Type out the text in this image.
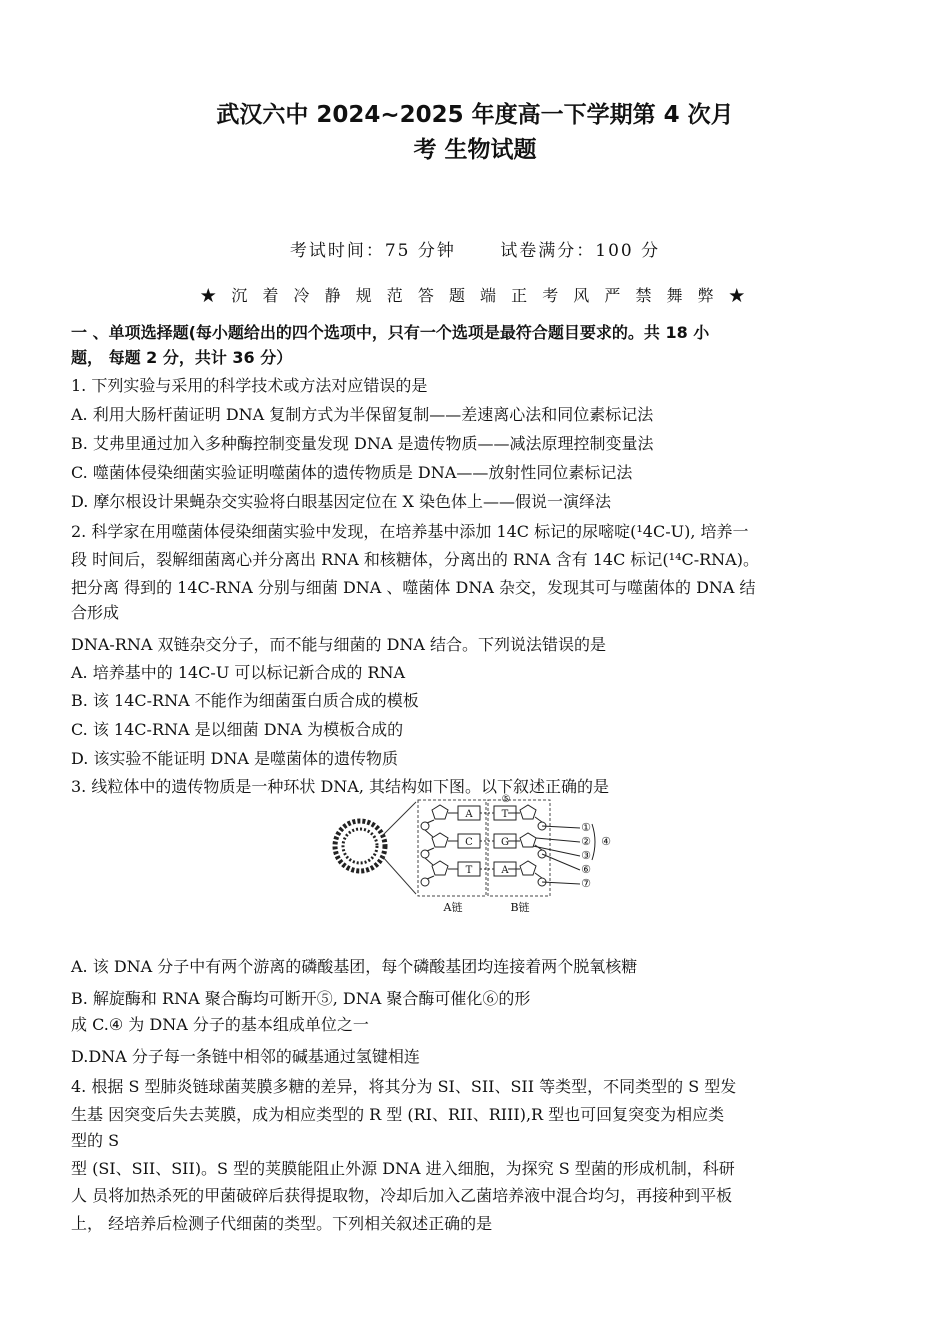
武汉六中 2024~2025 年度高一下学期第 4 次月
考 生物试题
考试时间：75 分钟      试卷满分：100 分
★ 沉 着 冷 静 规 范 答 题 端 正 考 风 严 禁 舞 弊 ★
一 、单项选择题(每小题给出的四个选项中，只有一个选项是最符合题目要求的。共 18 小
题， 每题 2 分，共计 36 分）
1. 下列实验与采用的科学技术或方法对应错误的是
A. 利用大肠杆菌证明 DNA 复制方式为半保留复制——差速离心法和同位素标记法
B. 艾弗里通过加入多种酶控制变量发现 DNA 是遗传物质——减法原理控制变量法
C. 噬菌体侵染细菌实验证明噬菌体的遗传物质是 DNA——放射性同位素标记法
D. 摩尔根设计果蝇杂交实验将白眼基因定位在 X 染色体上——假说一演绎法
2. 科学家在用噬菌体侵染细菌实验中发现，在培养基中添加 14C 标记的尿嘧啶(¹4C-U), 培养一
段 时间后，裂解细菌离心并分离出 RNA 和核糖体，分离出的 RNA 含有 14C 标记(¹⁴C-RNA)。
把分离 得到的 14C-RNA 分别与细菌 DNA 、噬菌体 DNA 杂交，发现其可与噬菌体的 DNA 结
合形成
DNA-RNA 双链杂交分子，而不能与细菌的 DNA 结合。下列说法错误的是
A. 培养基中的 14C-U 可以标记新合成的 RNA
B. 该 14C-RNA 不能作为细菌蛋白质合成的模板
C. 该 14C-RNA 是以细菌 DNA 为模板合成的
D. 该实验不能证明 DNA 是噬菌体的遗传物质
3. 线粒体中的遗传物质是一种环状 DNA, 其结构如下图。以下叙述正确的是
A
C
T
T
G
A
⑤
①
②
③
④
⑥
⑦
A链	B链
A. 该 DNA 分子中有两个游离的磷酸基团，每个磷酸基团均连接着两个脱氧核糖
B. 解旋酶和 RNA 聚合酶均可断开⑤, DNA 聚合酶可催化⑥的形
成 C.④ 为 DNA 分子的基本组成单位之一
D.DNA 分子每一条链中相邻的碱基通过氢键相连
4. 根据 S 型肺炎链球菌荚膜多糖的差异，将其分为 SI、SII、SII 等类型，不同类型的 S 型发
生基 因突变后失去荚膜，成为相应类型的 R 型 (RI、RII、RIII),R 型也可回复突变为相应类
型的 S
型 (SI、SII、SII)。S 型的荚膜能阻止外源 DNA 进入细胞，为探究 S 型菌的形成机制，科研
人 员将加热杀死的甲菌破碎后获得提取物，冷却后加入乙菌培养液中混合均匀，再接种到平板
上， 经培养后检测子代细菌的类型。下列相关叙述正确的是
